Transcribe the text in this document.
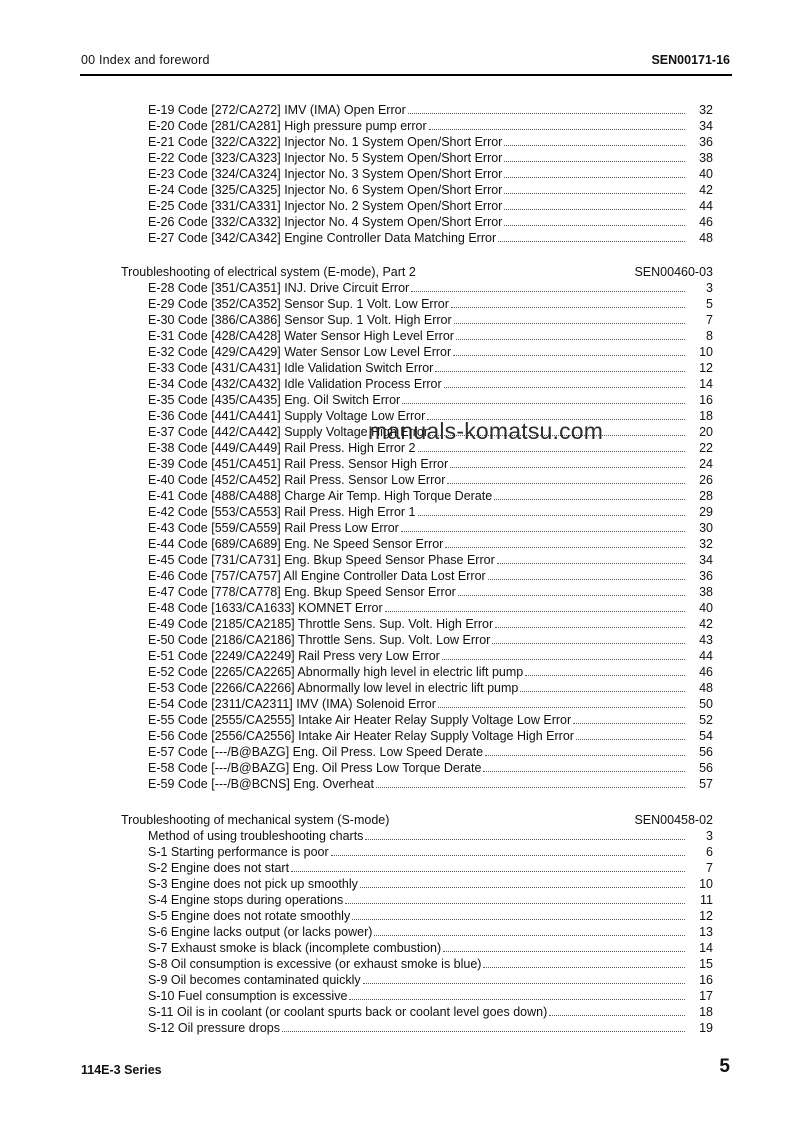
00 Index and foreword	SEN00171-16
E-19 Code [272/CA272] IMV (IMA) Open Error	32
E-20 Code [281/CA281] High pressure pump error	34
E-21 Code [322/CA322] Injector No. 1 System Open/Short Error	36
E-22 Code [323/CA323] Injector No. 5 System Open/Short Error	38
E-23 Code [324/CA324] Injector No. 3 System Open/Short Error	40
E-24 Code [325/CA325] Injector No. 6 System Open/Short Error	42
E-25 Code [331/CA331] Injector No. 2 System Open/Short Error	44
E-26 Code [332/CA332] Injector No. 4 System Open/Short Error	46
E-27 Code [342/CA342] Engine Controller Data Matching Error	48
Troubleshooting of electrical system (E-mode), Part 2	SEN00460-03
E-28 Code [351/CA351] INJ. Drive Circuit Error	3
E-29 Code [352/CA352] Sensor Sup. 1 Volt. Low Error	5
E-30 Code [386/CA386] Sensor Sup. 1 Volt. High Error	7
E-31 Code [428/CA428] Water Sensor High Level Error	8
E-32 Code [429/CA429] Water Sensor Low Level Error	10
E-33 Code [431/CA431] Idle Validation Switch Error	12
E-34 Code [432/CA432] Idle Validation Process Error	14
E-35 Code [435/CA435] Eng. Oil Switch Error	16
E-36 Code [441/CA441] Supply Voltage Low Error	18
E-37 Code [442/CA442] Supply Voltage High Error	20
E-38 Code [449/CA449] Rail Press. High Error 2	22
E-39 Code [451/CA451] Rail Press. Sensor High Error	24
E-40 Code [452/CA452] Rail Press. Sensor Low Error	26
E-41 Code [488/CA488] Charge Air Temp. High Torque Derate	28
E-42 Code [553/CA553] Rail Press. High Error 1	29
E-43 Code [559/CA559] Rail Press Low Error	30
E-44 Code [689/CA689] Eng. Ne Speed Sensor Error	32
E-45 Code [731/CA731] Eng. Bkup Speed Sensor Phase Error	34
E-46 Code [757/CA757] All Engine Controller Data Lost Error	36
E-47 Code [778/CA778] Eng. Bkup Speed Sensor Error	38
E-48 Code [1633/CA1633] KOMNET Error	40
E-49 Code [2185/CA2185] Throttle Sens. Sup. Volt. High Error	42
E-50 Code [2186/CA2186] Throttle Sens. Sup. Volt. Low Error	43
E-51 Code [2249/CA2249] Rail Press very Low Error	44
E-52 Code [2265/CA2265] Abnormally high level in electric lift pump	46
E-53 Code [2266/CA2266] Abnormally low level in electric lift pump	48
E-54 Code [2311/CA2311] IMV (IMA) Solenoid Error	50
E-55 Code [2555/CA2555] Intake Air Heater Relay Supply Voltage Low Error	52
E-56 Code [2556/CA2556] Intake Air Heater Relay Supply Voltage High Error	54
E-57 Code [---/B@BAZG] Eng. Oil Press. Low Speed Derate	56
E-58 Code [---/B@BAZG] Eng. Oil Press Low Torque Derate	56
E-59 Code [---/B@BCNS] Eng. Overheat	57
Troubleshooting of mechanical system (S-mode)	SEN00458-02
Method of using troubleshooting charts	3
S-1 Starting performance is poor	6
S-2 Engine does not start	7
S-3 Engine does not pick up smoothly	10
S-4 Engine stops during operations	11
S-5 Engine does not rotate smoothly	12
S-6 Engine lacks output (or lacks power)	13
S-7 Exhaust smoke is black (incomplete combustion)	14
S-8 Oil consumption is excessive (or exhaust smoke is blue)	15
S-9 Oil becomes contaminated quickly	16
S-10 Fuel consumption is excessive	17
S-11 Oil is in coolant (or coolant spurts back or coolant level goes down)	18
S-12 Oil pressure drops	19
manuals-komatsu.com
114E-3 Series	5
